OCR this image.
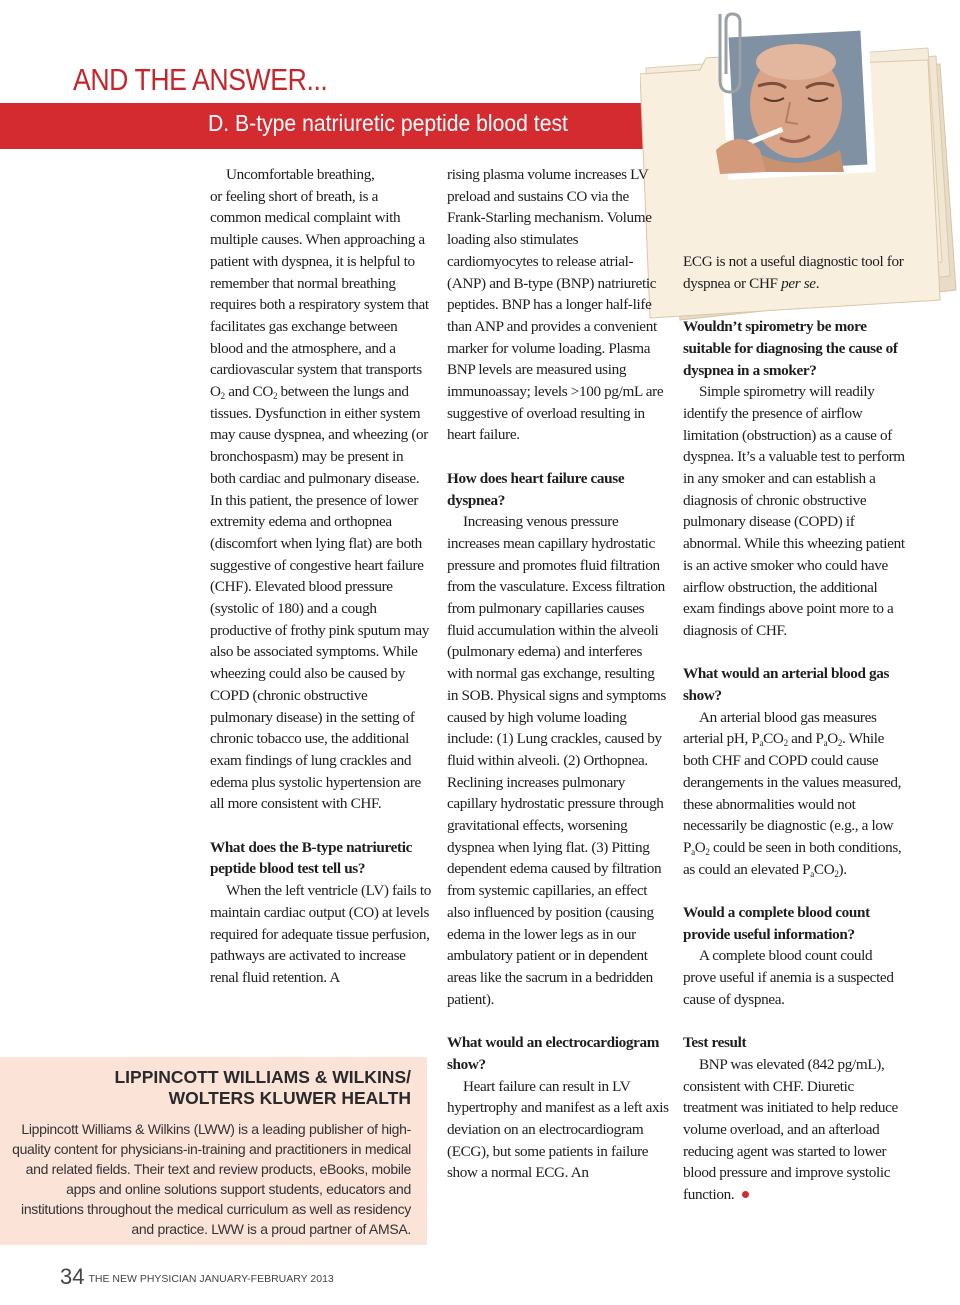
AND THE ANSWER...
D. B-type natriuretic peptide blood test

Uncomfortable breathing,

or feeling short of breath, is a common medical complaint with multiple causes. When approaching a patient with dyspnea, it is helpful to remember that normal breathing requires both a respiratory system that facilitates gas exchange between blood and the atmosphere, and a cardiovascular system that transports $O_2$ and $CO_2$ between the lungs and tissues. Dysfunction in either system may cause dyspnea, and wheezing (or bronchospasm) may be present in both cardiac and pulmonary disease. In this patient, the presence of lower extremity edema and orthopnea (discomfort when lying flat) are both suggestive of congestive heart failure (CHF). Elevated blood pressure (systolic of 180) and a cough productive of frothy pink sputum may also be associated symptoms. While wheezing could also be caused by COPD (chronic obstructive pulmonary disease) in the setting of chronic tobacco use, the additional exam findings of lung crackles and edema plus systolic hypertension are all more consistent with CHF.

What does the B-type natriuretic peptide blood test tell us?

When the left ventricle (LV) fails to maintain cardiac output (CO) at levels required for adequate tissue perfusion, pathways are activated to increase renal fluid retention. A

rising plasma volume increases LV preload and sustains CO via the Frank-Starling mechanism. Volume loading also stimulates cardiomyocytes to release atrial- (ANP) and B-type (BNP) natriuretic peptides. BNP has a longer half-life than ANP and provides a convenient marker for volume loading. Plasma BNP levels are measured using immunoassay; levels >100 pg/mL are suggestive of overload resulting in heart failure.

How does heart failure cause dyspnea?

Increasing venous pressure increases mean capillary hydrostatic pressure and promotes fluid filtration from the vasculature. Excess filtration from pulmonary capillaries causes fluid accumulation within the alveoli (pulmonary edema) and interferes with normal gas exchange, resulting in SOB. Physical signs and symptoms caused by high volume loading include: (1) Lung crackles, caused by fluid within alveoli. (2) Orthopnea. Reclining increases pulmonary capillary hydrostatic pressure through gravitational effects, worsening dyspnea when lying flat. (3) Pitting dependent edema caused by filtration from systemic capillaries, an effect also influenced by position (causing edema in the lower legs as in our ambulatory patient or in dependent areas like the sacrum in a bedridden patient).

What would an electrocardiogram show?

Heart failure can result in LV hypertrophy and manifest as a left axis deviation on an electrocardiogram (ECG), but some patients in failure show a normal ECG. An

ECG is not a useful diagnostic tool for dyspnea or CHF per se.

Wouldn’t spirometry be more suitable for diagnosing the cause of dyspnea in a smoker?

Simple spirometry will readily identify the presence of airflow limitation (obstruction) as a cause of dyspnea. It’s a valuable test to perform in any smoker and can establish a diagnosis of chronic obstructive pulmonary disease (COPD) if abnormal. While this wheezing patient is an active smoker who could have airflow obstruction, the additional exam findings above point more to a diagnosis of CHF.

What would an arterial blood gas show?

An arterial blood gas measures arterial pH, $P_aCO_2$ and $P_aO_2$. While both CHF and COPD could cause derangements in the values measured, these abnormalities would not necessarily be diagnostic (e.g., a low $P_aO_2$ could be seen in both conditions, as could an elevated $P_aCO_2$).

Would a complete blood count provide useful information?

A complete blood count could prove useful if anemia is a suspected cause of dyspnea.

Test result

BNP was elevated (842 pg/mL), consistent with CHF. Diuretic treatment was initiated to help reduce volume overload, and an afterload reducing agent was started to lower blood pressure and improve systolic function.

LIPPINCOTT WILLIAMS & WILKINS/
WOLTERS KLUWER HEALTH
Lippincott Williams & Wilkins (LWW) is a leading publisher of high-quality content for physicians-in-training and practitioners in medical and related fields. Their text and review products, eBooks, mobile apps and online solutions support students, educators and institutions throughout the medical curriculum as well as residency and practice. LWW is a proud partner of AMSA.
34 THE NEW PHYSICIAN JANUARY-FEBRUARY 2013
